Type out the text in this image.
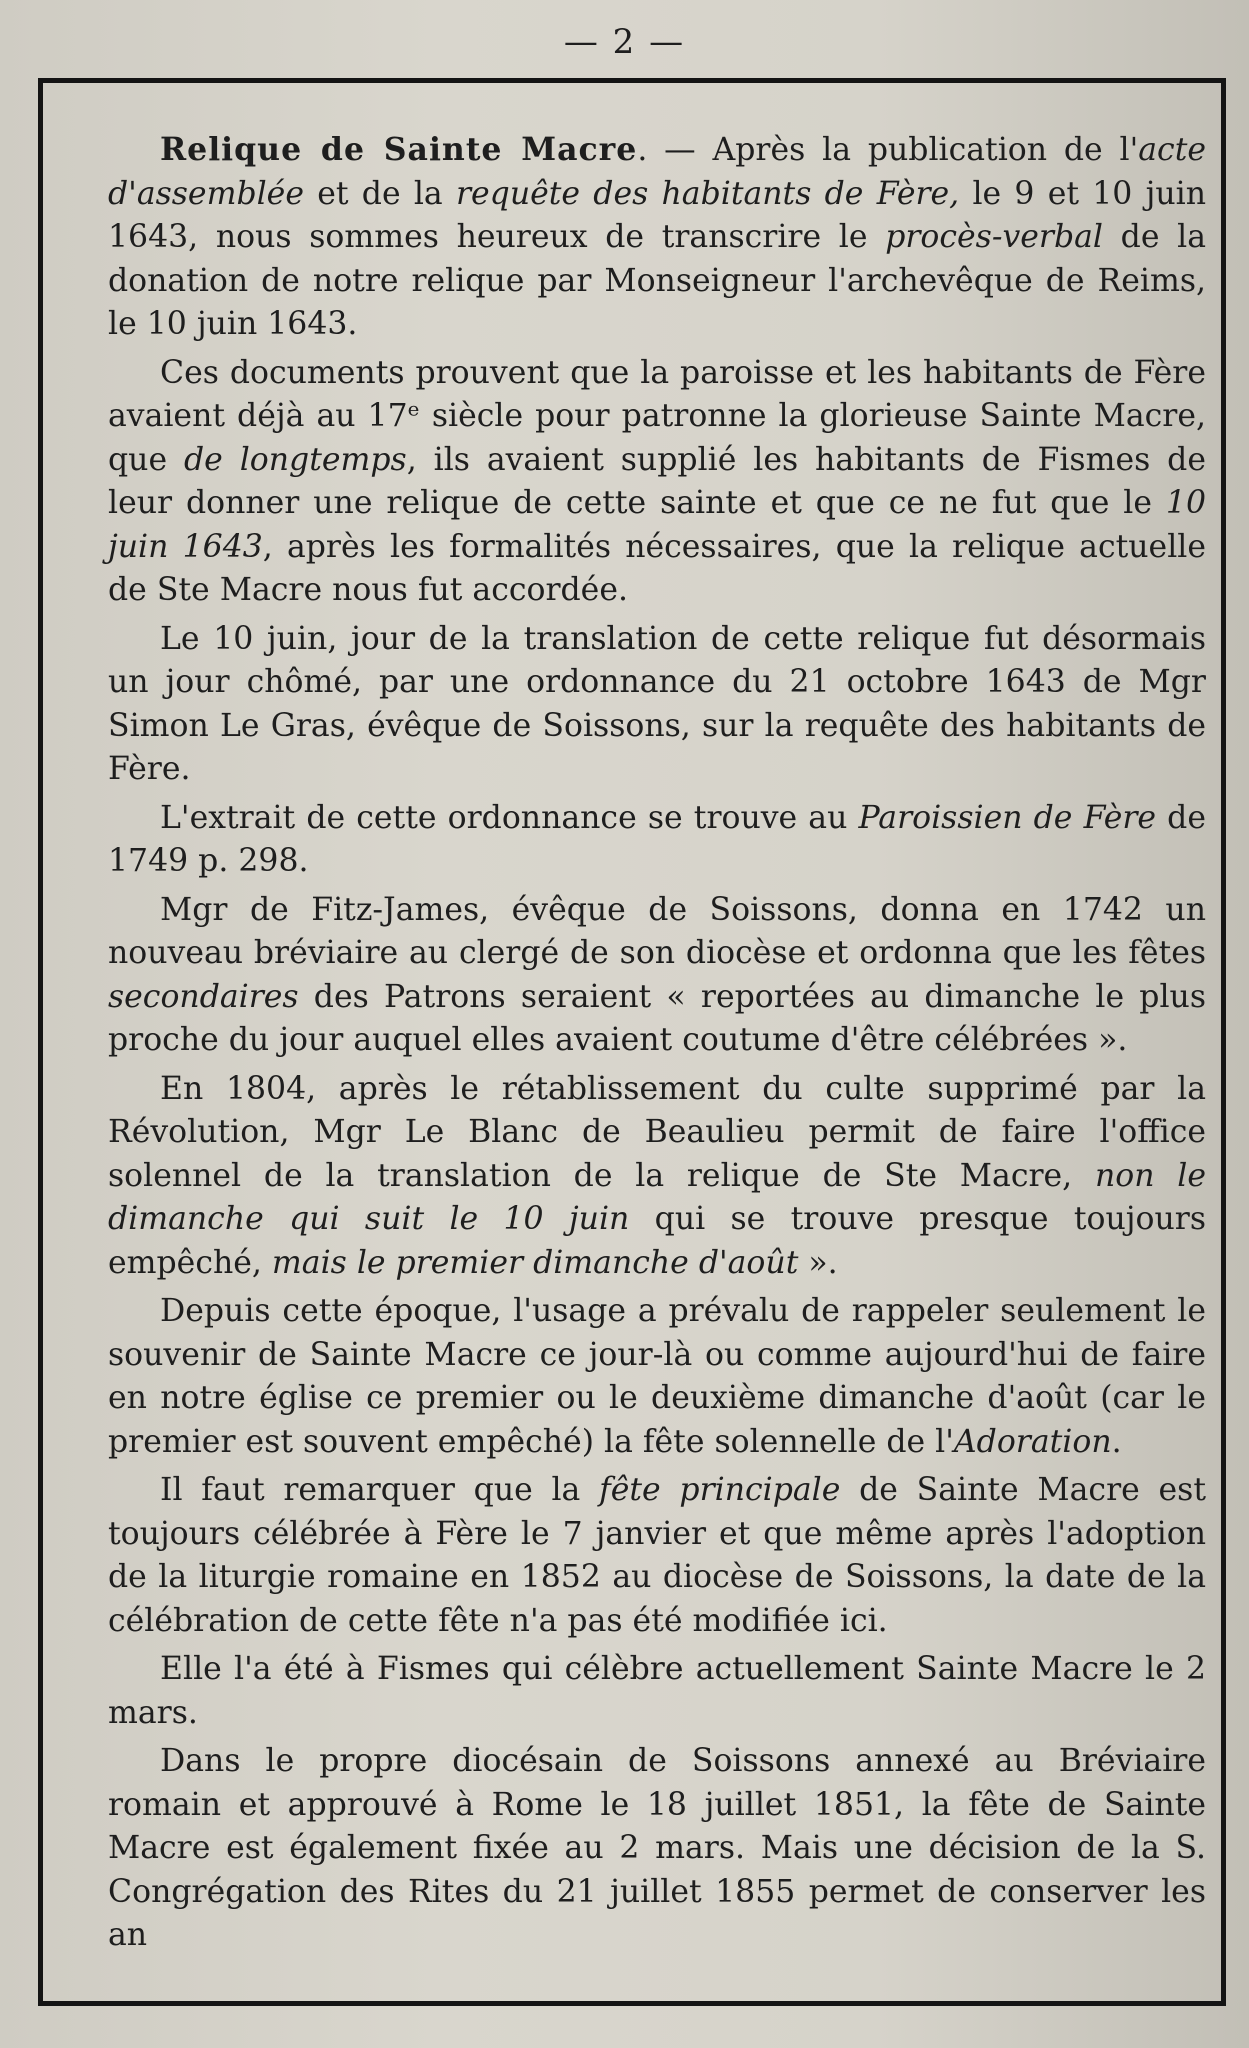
— 2 —

Relique de Sainte Macre. — Après la publication de l'acte d'assemblée et de la requête des habitants de Fère, le 9 et 10 juin 1643, nous sommes heureux de transcrire le procès-verbal de la donation de notre relique par Monseigneur l'archevêque de Reims, le 10 juin 1643.

Ces documents prouvent que la paroisse et les habitants de Fère avaient déjà au 17ᵉ siècle pour patronne la glorieuse Sainte Macre, que de longtemps, ils avaient supplié les habitants de Fismes de leur donner une relique de cette sainte et que ce ne fut que le 10 juin 1643, après les formalités nécessaires, que la relique actuelle de Ste Macre nous fut accordée.

Le 10 juin, jour de la translation de cette relique fut désormais un jour chômé, par une ordonnance du 21 octobre 1643 de Mgr Simon Le Gras, évêque de Soissons, sur la requête des habitants de Fère.

L'extrait de cette ordonnance se trouve au Paroissien de Fère de 1749 p. 298.

Mgr de Fitz-James, évêque de Soissons, donna en 1742 un nouveau bréviaire au clergé de son diocèse et ordonna que les fêtes secondaires des Patrons seraient « reportées au dimanche le plus proche du jour auquel elles avaient coutume d'être célébrées ».

En 1804, après le rétablissement du culte supprimé par la Révolution, Mgr Le Blanc de Beaulieu permit de faire l'office solennel de la translation de la relique de Ste Macre, non le dimanche qui suit le 10 juin qui se trouve presque toujours empêché, mais le premier dimanche d'août ».

Depuis cette époque, l'usage a prévalu de rappeler seulement le souvenir de Sainte Macre ce jour-là ou comme aujourd'hui de faire en notre église ce premier ou le deuxième dimanche d'août (car le premier est souvent empêché) la fête solennelle de l'Adoration.

Il faut remarquer que la fête principale de Sainte Macre est toujours célébrée à Fère le 7 janvier et que même après l'adoption de la liturgie romaine en 1852 au diocèse de Soissons, la date de la célébration de cette fête n'a pas été modifiée ici.

Elle l'a été à Fismes qui célèbre actuellement Sainte Macre le 2 mars.

Dans le propre diocésain de Soissons annexé au Bréviaire romain et approuvé à Rome le 18 juillet 1851, la fête de Sainte Macre est également fixée au 2 mars. Mais une décision de la S. Congrégation des Rites du 21 juillet 1855 permet de conserver les an
